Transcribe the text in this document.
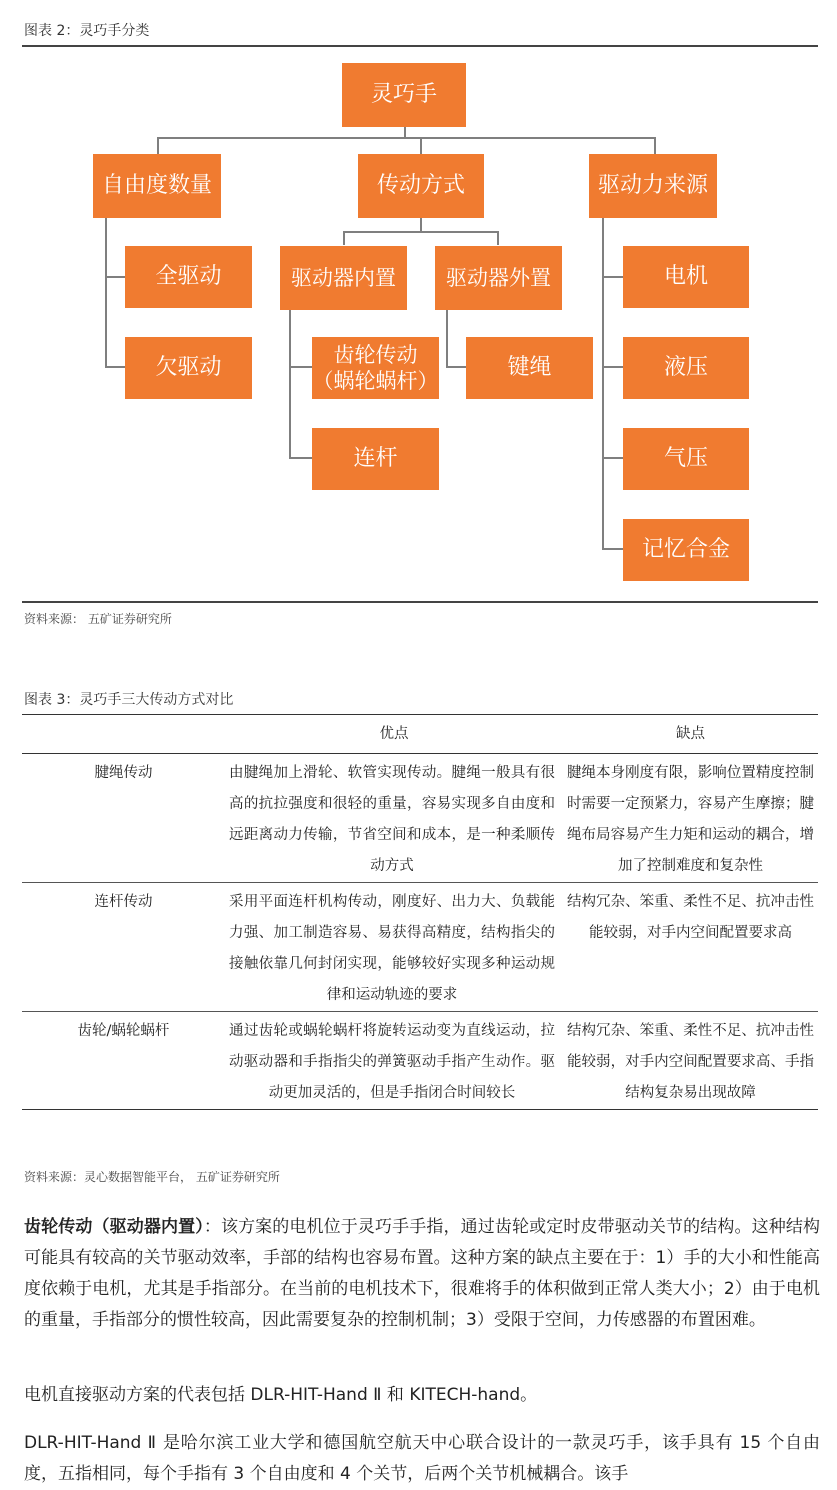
图表 2：灵巧手分类
灵巧手
自由度数量	传动方式	驱动力来源
全驱动
欠驱动
驱动器内置	驱动器外置
齿轮传动
（蜗轮蜗杆）
连杆
键绳
电机
液压
气压
记忆合金
资料来源： 五矿证券研究所
图表 3：灵巧手三大传动方式对比
	优点	缺点
腱绳传动	由腱绳加上滑轮、软管实现传动。腱绳一般具有很高的抗拉强度和很轻的重量，容易实现多自由度和远距离动力传输，节省空间和成本，是一种柔顺传动方式	腱绳本身刚度有限，影响位置精度控制时需要一定预紧力，容易产生摩擦；腱绳布局容易产生力矩和运动的耦合，增加了控制难度和复杂性
连杆传动	采用平面连杆机构传动，刚度好、出力大、负载能力强、加工制造容易、易获得高精度，结构指尖的接触依靠几何封闭实现，能够较好实现多种运动规律和运动轨迹的要求	结构冗杂、笨重、柔性不足、抗冲击性能较弱，对手内空间配置要求高
齿轮/蜗轮蜗杆	通过齿轮或蜗轮蜗杆将旋转运动变为直线运动，拉动驱动器和手指指尖的弹簧驱动手指产生动作。驱动更加灵活的，但是手指闭合时间较长	结构冗杂、笨重、柔性不足、抗冲击性能较弱，对手内空间配置要求高、手指结构复杂易出现故障
资料来源：灵心数据智能平台， 五矿证券研究所
齿轮传动（驱动器内置）：该方案的电机位于灵巧手手指，通过齿轮或定时皮带驱动关节的结构。这种结构可能具有较高的关节驱动效率，手部的结构也容易布置。这种方案的缺点主要在于：1）手的大小和性能高度依赖于电机，尤其是手指部分。在当前的电机技术下，很难将手的体积做到正常人类大小；2）由于电机的重量，手指部分的惯性较高，因此需要复杂的控制机制；3）受限于空间，力传感器的布置困难。
电机直接驱动方案的代表包括 DLR-HIT-Hand Ⅱ 和 KITECH-hand。
DLR-HIT-Hand Ⅱ 是哈尔滨工业大学和德国航空航天中心联合设计的一款灵巧手，该手具有 15 个自由度，五指相同，每个手指有 3 个自由度和 4 个关节，后两个关节机械耦合。该手
